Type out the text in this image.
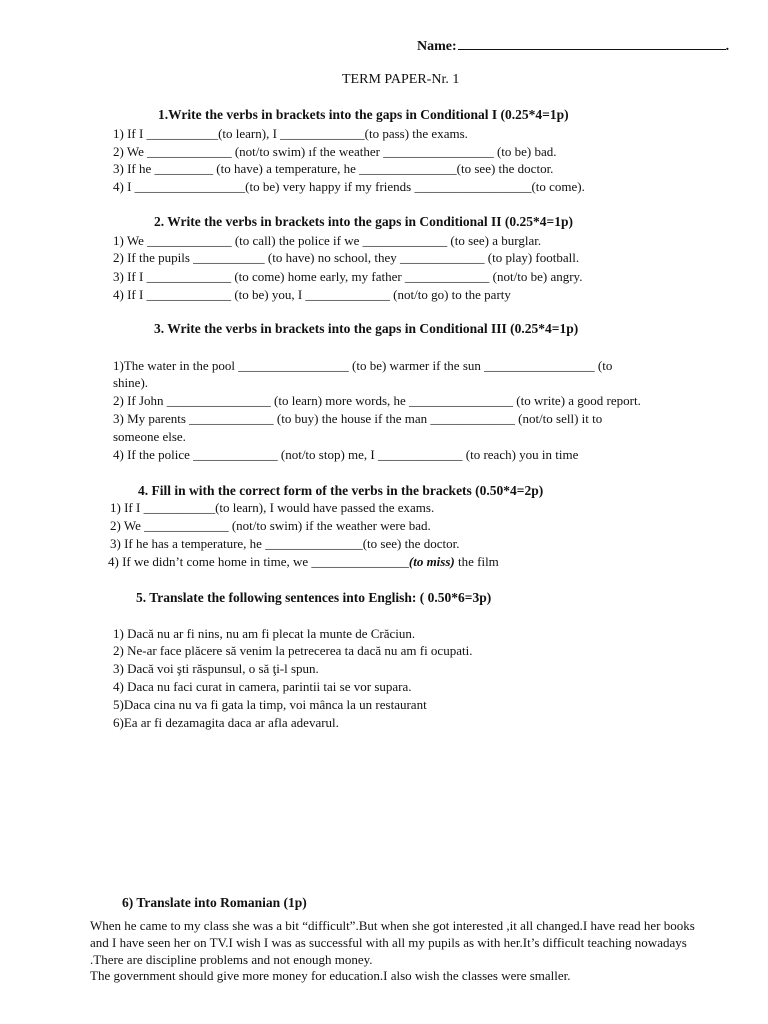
Name:	.
TERM PAPER-Nr. 1
1.Write the verbs in brackets into the gaps in Conditional I (0.25*4=1p)
1) If I ___________(to learn), I _____________(to pass) the exams.
2) We _____________ (not/to swim) ıf the weather _________________ (to be) bad.
3) If he _________ (to have) a temperature, he _______________(to see) the doctor.
4) I _________________(to be) very happy if my friends __________________(to come).
2. Write the verbs in brackets into the gaps in Conditional II (0.25*4=1p)
1) We _____________ (to call) the police if we _____________ (to see) a burglar.
2) If the pupils ___________ (to have) no school, they _____________ (to play) football.
3) If I _____________ (to come) home early, my father _____________ (not/to be) angry.
4) If I _____________ (to be) you, I _____________ (not/to go) to the party
3. Write the verbs in brackets into the gaps in Conditional III (0.25*4=1p)
1)The water in the pool _________________ (to be) warmer if the sun _________________ (to
shine).
2) If John ________________ (to learn) more words, he ________________ (to write) a good report.
3) My parents _____________ (to buy) the house if the man _____________ (not/to sell) it to
someone else.
4) If the police _____________ (not/to stop) me, I _____________ (to reach) you in time
4. Fill in with the correct form of the verbs in the brackets (0.50*4=2p)
1) If I ___________(to learn), I would have passed the exams.
2) We _____________ (not/to swim) if the weather were bad.
3) If he has a temperature, he _______________(to see) the doctor.
4) If we didn’t come home in time, we _______________(to miss) the film
5. Translate the following sentences into English: ( 0.50*6=3p)
1) Dacă nu ar fi nins, nu am fi plecat la munte de Crăciun.
2) Ne-ar face plăcere să venim la petrecerea ta dacă nu am fi ocupati.
3) Dacă voi şti răspunsul, o să ţi-l spun.
4) Daca nu faci curat in camera, parintii tai se vor supara.
5)Daca cina nu va fi gata la timp, voi mânca la un restaurant
6)Ea ar fi dezamagita daca ar afla adevarul.
6) Translate into Romanian (1p)
When he came to my class she was a bit “difficult”.But when she got interested ,it all changed.I have read her books and I have seen her on TV.I wish I was as successful with all my pupils as with her.It’s difficult teaching nowadays .There are discipline problems and not enough money.
The government should give more money for education.I also wish the classes were smaller.
